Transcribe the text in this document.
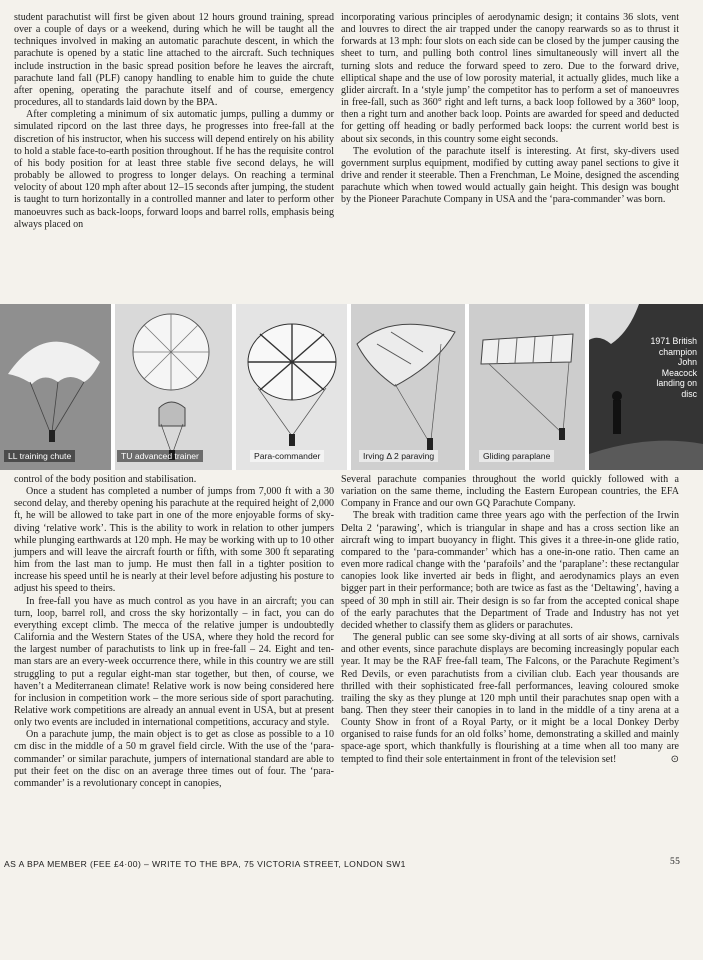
student parachutist will first be given about 12 hours ground training, spread over a couple of days or a weekend, during which he will be taught all the techniques involved in making an automatic parachute descent, in which the parachute is opened by a static line attached to the aircraft. Such techniques include instruction in the basic spread position before he leaves the aircraft, parachute land fall (PLF) canopy handling to enable him to guide the chute after opening, operating the parachute itself and of course, emergency procedures, all to standards laid down by the BPA.

After completing a minimum of six automatic jumps, pulling a dummy or simulated ripcord on the last three days, he progresses into free-fall at the discretion of his instructor, when his success will depend entirely on his ability to hold a stable face-to-earth position throughout. If he has the requisite control of his body position for at least three stable five second delays, he will probably be allowed to progress to longer delays. On reaching a terminal velocity of about 120 mph after about 12–15 seconds after jumping, the student is taught to turn horizontally in a controlled manner and later to perform other manoeuvres such as back-loops, forward loops and barrel rolls, emphasis being always placed on

incorporating various principles of aerodynamic design; it contains 36 slots, vent and louvres to direct the air trapped under the canopy rearwards so as to thrust it forwards at 13 mph: four slots on each side can be closed by the jumper causing the sheet to turn, and pulling both control lines simultaneously will invert all the turning slots and reduce the forward speed to zero. Due to the forward drive, elliptical shape and the use of low porosity material, it actually glides, much like a glider aircraft. In a ‘style jump’ the competitor has to perform a set of manoeuvres in free-fall, such as 360° right and left turns, a back loop followed by a 360° loop, then a right turn and another back loop. Points are awarded for speed and deducted for getting off heading or badly performed back loops: the current world best is about six seconds, in this country some eight seconds.

The evolution of the parachute itself is interesting. At first, sky-divers used government surplus equipment, modified by cutting away panel sections to give it drive and render it steerable. Then a Frenchman, Le Moine, designed the ascending parachute which when towed would actually gain height. This design was bought by the Pioneer Parachute Company in USA and the ‘para-commander’ was born.

LL training chute	TU advanced trainer	Para-commander	Irving Δ 2 paraving	Gliding paraplane
1971 British champion John Meacock landing on disc

control of the body position and stabilisation.

Once a student has completed a number of jumps from 7,000 ft with a 30 second delay, and thereby opening his parachute at the required height of 2,000 ft, he will be allowed to take part in one of the more enjoyable forms of sky-diving ‘relative work’. This is the ability to work in relation to other jumpers while plunging earthwards at 120 mph. He may be working with up to 10 other jumpers and will leave the aircraft fourth or fifth, with some 300 ft separating him from the last man to jump. He must then fall in a tighter position to increase his speed until he is nearly at their level before adjusting his posture to adjust his speed to theirs.

In free-fall you have as much control as you have in an aircraft; you can turn, loop, barrel roll, and cross the sky horizontally – in fact, you can do everything except climb. The mecca of the relative jumper is undoubtedly California and the Western States of the USA, where they hold the record for the largest number of parachutists to link up in free-fall – 24. Eight and ten-man stars are an every-week occurrence there, while in this country we are still struggling to put a regular eight-man star together, but then, of course, we haven’t a Mediterranean climate! Relative work is now being considered here for inclusion in competition work – the more serious side of sport parachuting. Relative work competitions are already an annual event in USA, but at present only two events are included in international competitions, accuracy and style.

On a parachute jump, the main object is to get as close as possible to a 10 cm disc in the middle of a 50 m gravel field circle. With the use of the ‘para-commander’ or similar parachute, jumpers of international standard are able to put their feet on the disc on an average three times out of four. The ‘para-commander’ is a revolutionary concept in canopies,

Several parachute companies throughout the world quickly followed with a variation on the same theme, including the Eastern European countries, the EFA Company in France and our own GQ Parachute Company.

The break with tradition came three years ago with the perfection of the Irwin Delta 2 ‘parawing’, which is triangular in shape and has a cross section like an aircraft wing to impart buoyancy in flight. This gives it a three-in-one glide ratio, compared to the ‘para-commander’ which has a one-in-one ratio. Then came an even more radical change with the ‘parafoils’ and the ‘paraplane’: these rectangular canopies look like inverted air beds in flight, and aerodynamics plays an even bigger part in their performance; both are twice as fast as the ‘Deltawing’, having a speed of 30 mph in still air. Their design is so far from the accepted conical shape of the early parachutes that the Department of Trade and Industry has not yet decided whether to classify them as gliders or parachutes.

The general public can see some sky-diving at all sorts of air shows, carnivals and other events, since parachute displays are becoming increasingly popular each year. It may be the RAF free-fall team, The Falcons, or the Parachute Regiment’s Red Devils, or even parachutists from a civilian club. Each year thousands are thrilled with their sophisticated free-fall performances, leaving coloured smoke trailing the sky as they plunge at 120 mph until their parachutes snap open with a bang. Then they steer their canopies in to land in the middle of a tiny arena at a County Show in front of a Royal Party, or it might be a local Donkey Derby organised to raise funds for an old folks’ home, demonstrating a skilled and mainly space-age sport, which thankfully is flourishing at a time when all too many are tempted to find their sole entertainment in front of the television set!	⊙

AS A BPA MEMBER (FEE £4·00) – WRITE TO THE BPA, 75 VICTORIA STREET, LONDON SW1	55
